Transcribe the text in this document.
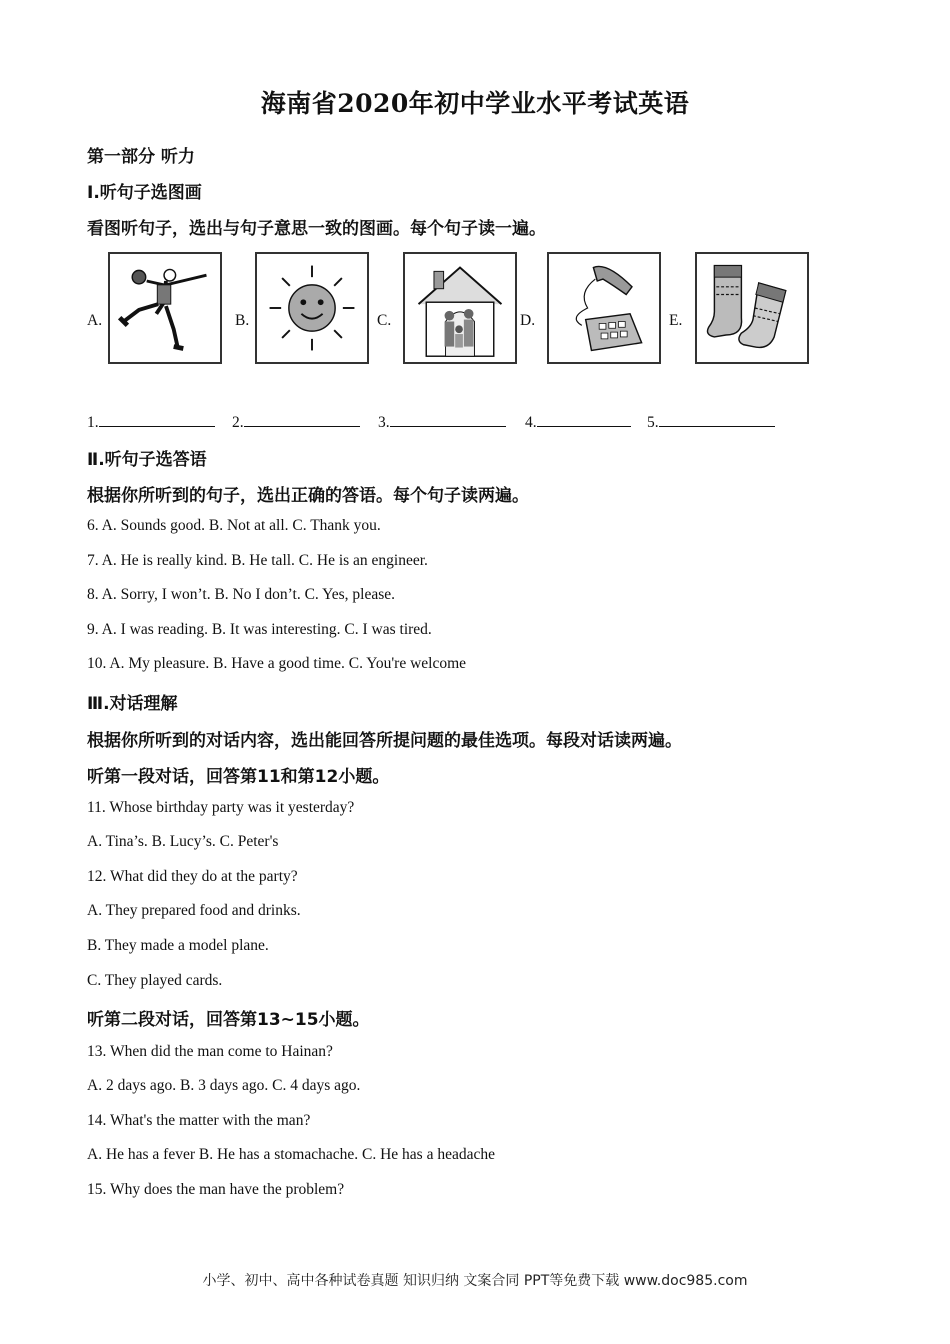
海南省2020年初中学业水平考试英语
第一部分 听力
I.听句子选图画
看图听句子，选出与句子意思一致的图画。每个句子读一遍。
A.	B.	C.	D.	E.
1.	2.	3.	4.	5.
Ⅱ.听句子选答语
根据你所听到的句子，选出正确的答语。每个句子读两遍。
6. A. Sounds good. B. Not at all. C. Thank you.
7. A. He is really kind. B. He tall. C. He is an engineer.
8. A. Sorry, I won’t. B. No I don’t. C. Yes, please.
9. A. I was reading. B. It was interesting. C. I was tired.
10. A. My pleasure. B. Have a good time. C. You're welcome
Ⅲ.对话理解
根据你所听到的对话内容，选出能回答所提问题的最佳选项。每段对话读两遍。
听第一段对话，回答第11和第12小题。
11. Whose birthday party was it yesterday?
A. Tina’s. B. Lucy’s. C. Peter's
12. What did they do at the party?
A. They prepared food and drinks.
B. They made a model plane.
C. They played cards.
听第二段对话，回答第13~15小题。
13. When did the man come to Hainan?
A. 2 days ago. B. 3 days ago. C. 4 days ago.
14. What's the matter with the man?
A. He has a fever B. He has a stomachache. C. He has a headache
15. Why does the man have the problem?
小学、初中、高中各种试卷真题 知识归纳 文案合同 PPT等免费下载 www.doc985.com
